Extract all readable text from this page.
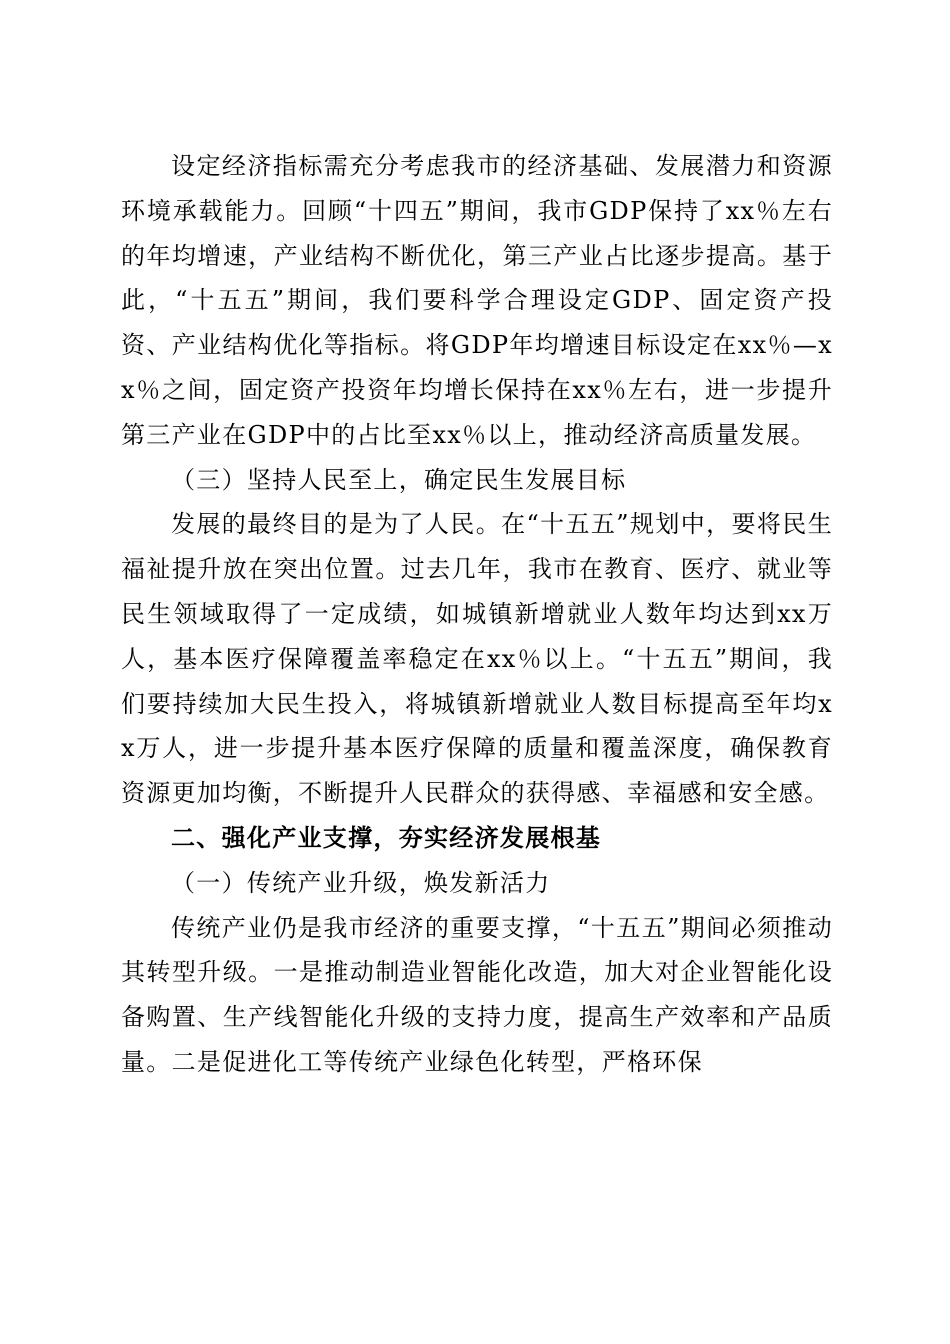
设定经济指标需充分考虑我市的经济基础、发展潜力和资源环境承载能力。回顾“十四五”期间，我市GDP保持了xx％左右的年均增速，产业结构不断优化，第三产业占比逐步提高。基于此，“十五五”期间，我们要科学合理设定GDP、固定资产投资、产业结构优化等指标。将GDP年均增速目标设定在xx％—xx％之间，固定资产投资年均增长保持在xx％左右，进一步提升第三产业在GDP中的占比至xx％以上，推动经济高质量发展。

（三）坚持人民至上，确定民生发展目标

发展的最终目的是为了人民。在“十五五”规划中，要将民生福祉提升放在突出位置。过去几年，我市在教育、医疗、就业等民生领域取得了一定成绩，如城镇新增就业人数年均达到xx万人，基本医疗保障覆盖率稳定在xx％以上。“十五五”期间，我们要持续加大民生投入，将城镇新增就业人数目标提高至年均xx万人，进一步提升基本医疗保障的质量和覆盖深度，确保教育资源更加均衡，不断提升人民群众的获得感、幸福感和安全感。

二、强化产业支撑，夯实经济发展根基

（一）传统产业升级，焕发新活力

传统产业仍是我市经济的重要支撑，“十五五”期间必须推动其转型升级。一是推动制造业智能化改造，加大对企业智能化设备购置、生产线智能化升级的支持力度，提高生产效率和产品质量。二是促进化工等传统产业绿色化转型，严格环保
